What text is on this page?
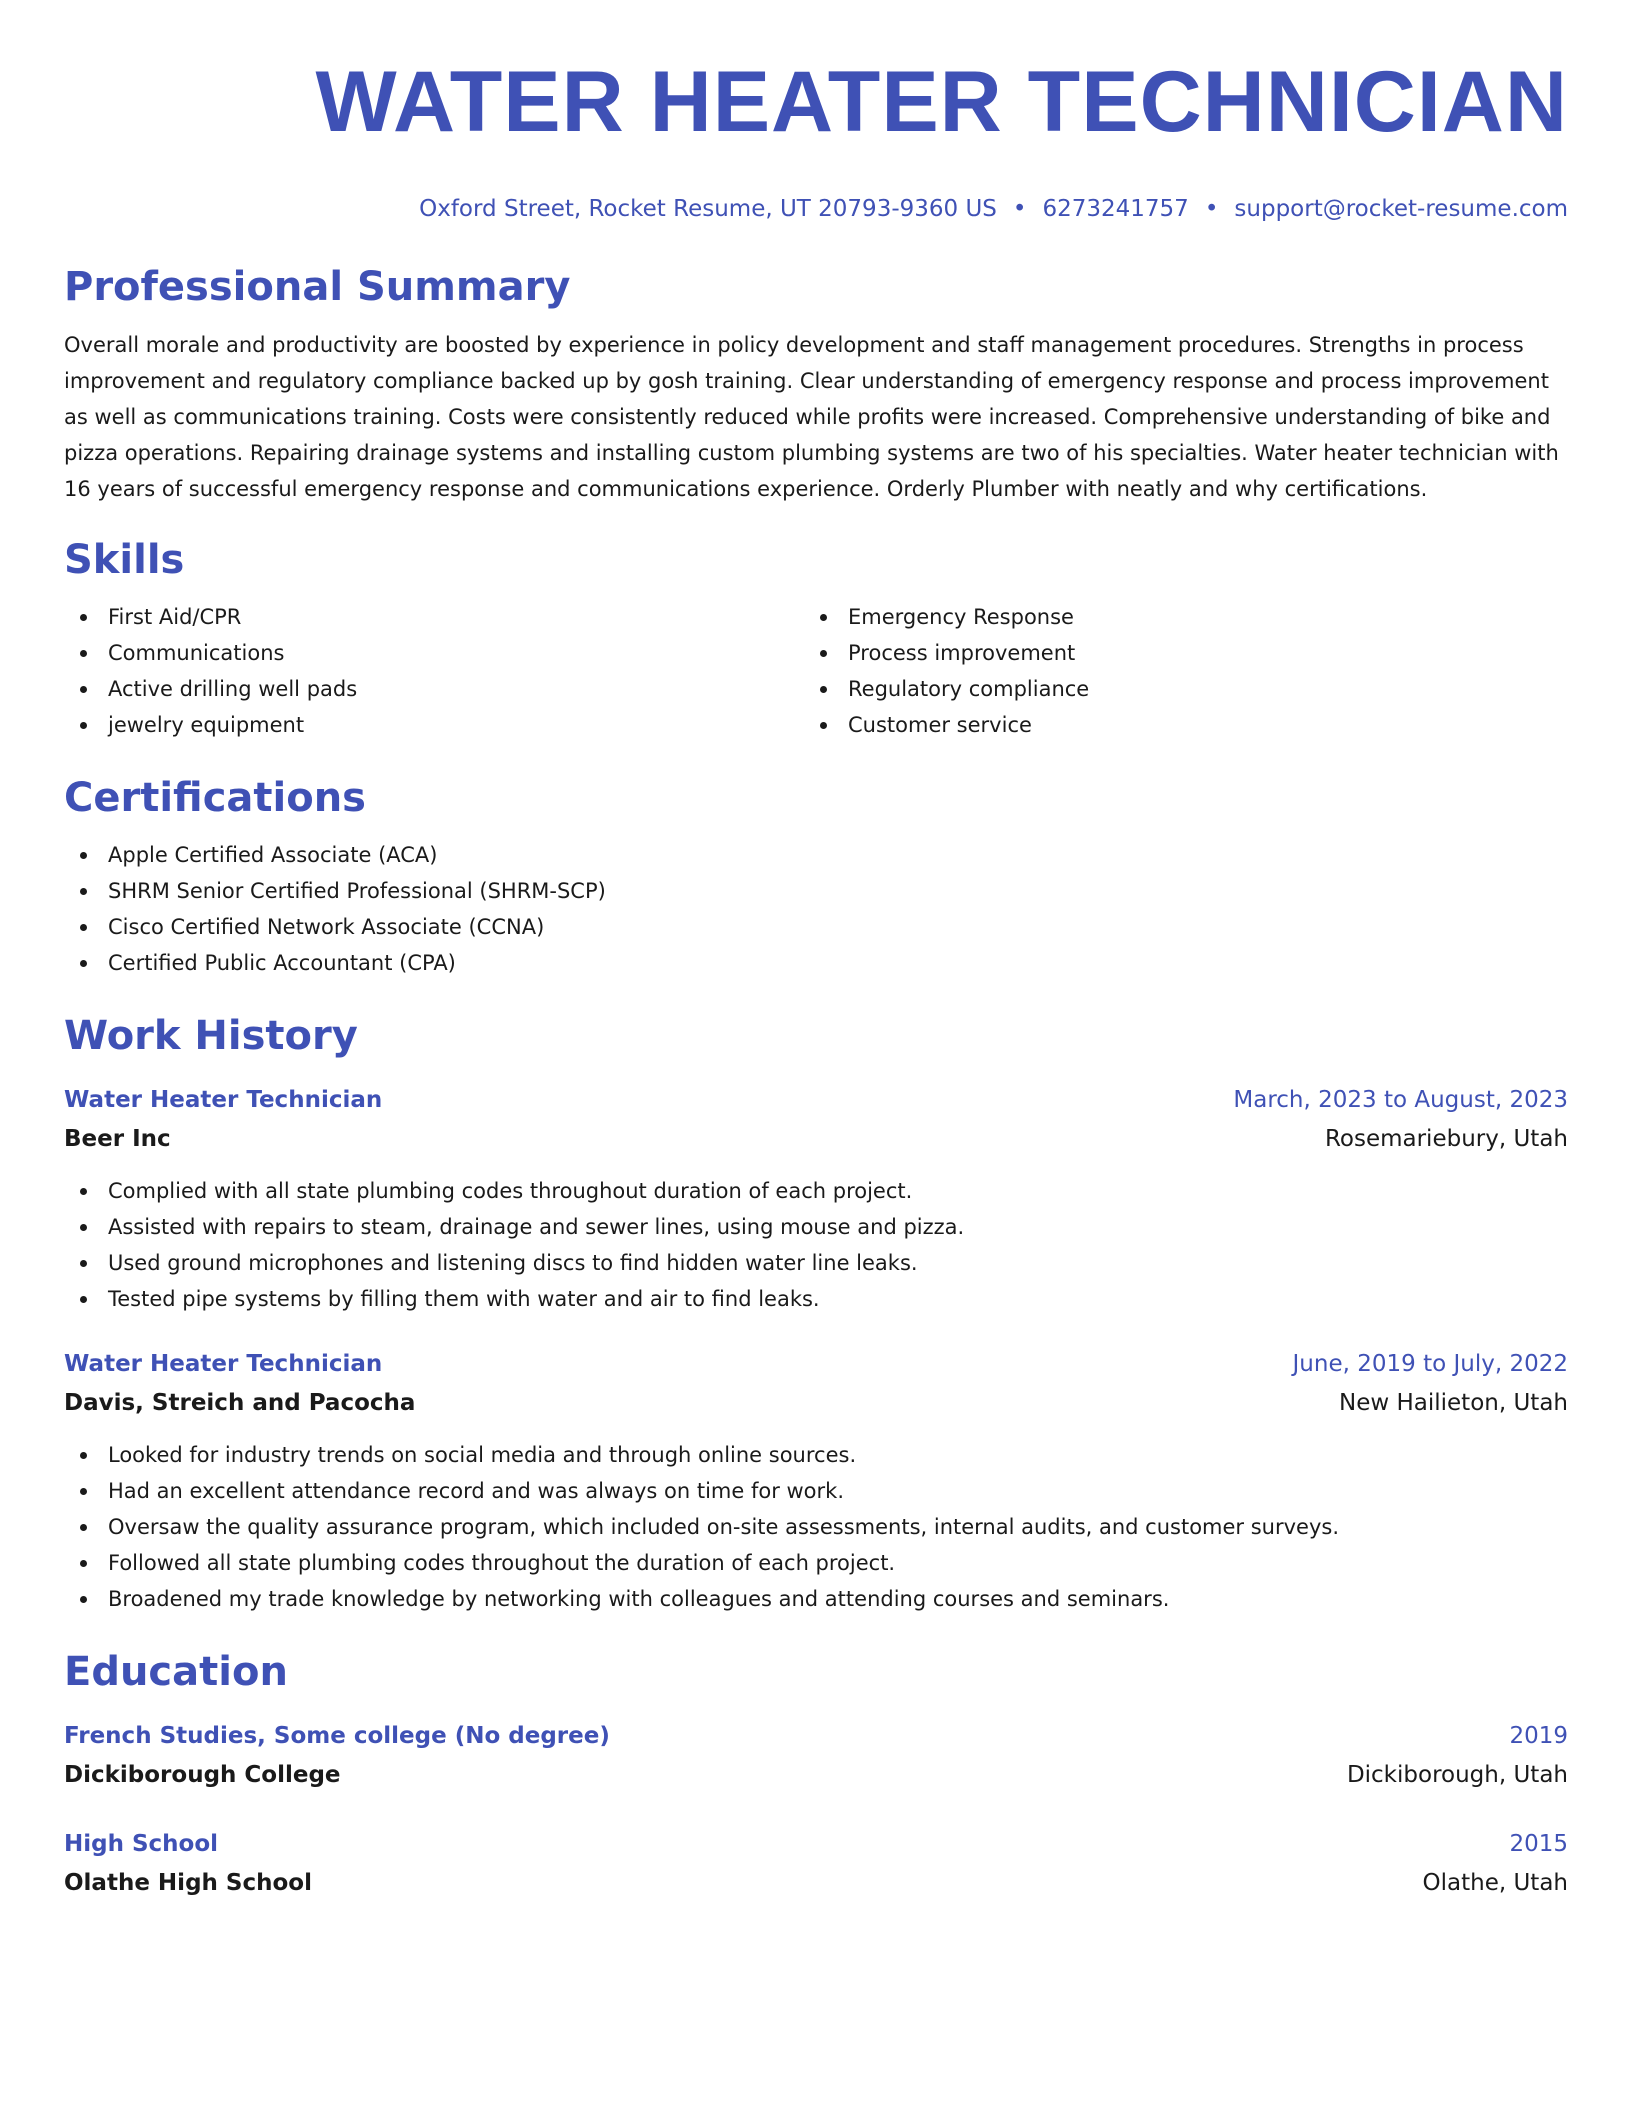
WATER HEATER TECHNICIAN
Oxford Street, Rocket Resume, UT 20793-9360 US • 6273241757 • support@rocket-resume.com
Professional Summary

Overall morale and productivity are boosted by experience in policy development and staff management procedures. Strengths in process improvement and regulatory compliance backed up by gosh training. Clear understanding of emergency response and process improvement as well as communications training. Costs were consistently reduced while profits were increased. Comprehensive understanding of bike and pizza operations. Repairing drainage systems and installing custom plumbing systems are two of his specialties. Water heater technician with 16 years of successful emergency response and communications experience. Orderly Plumber with neatly and why certifications.

Skills
First Aid/CPR
Communications
Active drilling well pads
jewelry equipment
Emergency Response
Process improvement
Regulatory compliance
Customer service
Certifications
Apple Certified Associate (ACA)
SHRM Senior Certified Professional (SHRM-SCP)
Cisco Certified Network Associate (CCNA)
Certified Public Accountant (CPA)
Work History
Water Heater Technician	March, 2023 to August, 2023
Beer Inc	Rosemariebury, Utah
Complied with all state plumbing codes throughout duration of each project.
Assisted with repairs to steam, drainage and sewer lines, using mouse and pizza.
Used ground microphones and listening discs to find hidden water line leaks.
Tested pipe systems by filling them with water and air to find leaks.
Water Heater Technician	June, 2019 to July, 2022
Davis, Streich and Pacocha	New Hailieton, Utah
Looked for industry trends on social media and through online sources.
Had an excellent attendance record and was always on time for work.
Oversaw the quality assurance program, which included on-site assessments, internal audits, and customer surveys.
Followed all state plumbing codes throughout the duration of each project.
Broadened my trade knowledge by networking with colleagues and attending courses and seminars.
Education
French Studies, Some college (No degree)	2019
Dickiborough College	Dickiborough, Utah
High School	2015
Olathe High School	Olathe, Utah
